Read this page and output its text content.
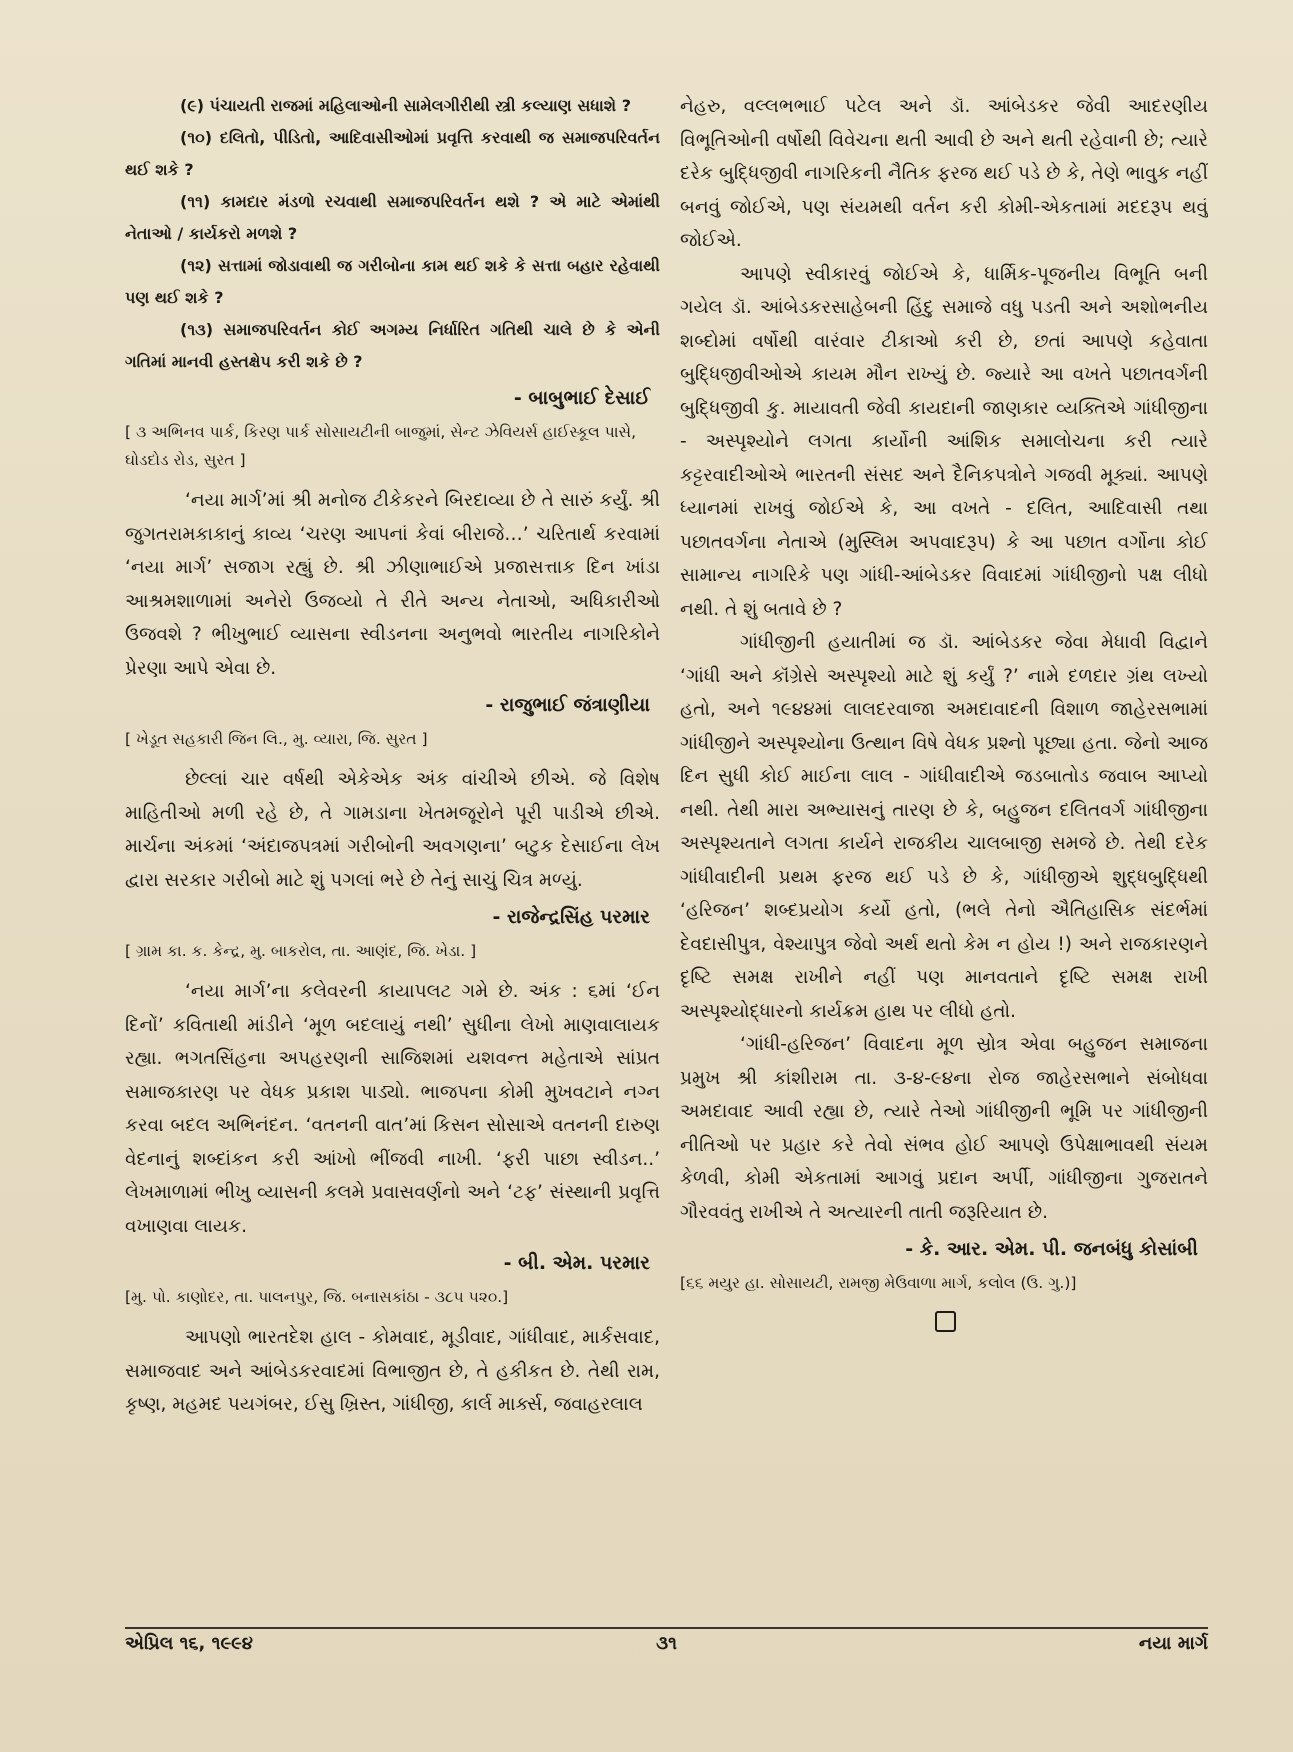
(૯) પંચાયતી રાજમાં મહિલાઓની સામેલગીરીથી સ્ત્રી કલ્યાણ સધાશે ?

(૧૦) દલિતો, પીડિતો, આદિવાસીઓમાં પ્રવૃત્તિ કરવાથી જ સમાજપરિવર્તન થઈ શકે ?

(૧૧) કામદાર મંડળો રચવાથી સમાજપરિવર્તન થશે ? એ માટે એમાંથી નેતાઓ / કાર્યકરો મળશે ?

(૧૨) સત્તામાં જોડાવાથી જ ગરીબોના કામ થઈ શકે કે સત્તા બહાર રહેવાથી પણ થઈ શકે ?

(૧૩) સમાજપરિવર્તન કોઈ અગમ્ય નિર્ધારિત ગતિથી ચાલે છે કે એની ગતિમાં માનવી હસ્તક્ષેપ કરી શકે છે ?

- બાબુભાઈ દેસાઈ
[ ૩ અભિનવ પાર્ક, કિરણ પાર્ક સોસાયટીની બાજુમાં, સેન્ટ ઝેવિયર્સ હાઈસ્કૂલ પાસે, ઘોડદોડ રોડ, સુરત ]

‘નયા માર્ગ’માં શ્રી મનોજ ટીકેકરને બિરદાવ્યા છે તે સારું કર્યું. શ્રી જુગતરામકાકાનું કાવ્ય ‘ચરણ આપનાં કેવાં બીરાજે…’ ચરિતાર્થ કરવામાં ‘નયા માર્ગ’ સજાગ રહ્યું છે. શ્રી ઝીણાભાઈએ પ્રજાસત્તાક દિન ખાંડા આશ્રમશાળામાં અનેરો ઉજવ્યો તે રીતે અન્ય નેતાઓ, અધિકારીઓ ઉજવશે ? ભીખુભાઈ વ્યાસના સ્વીડનના અનુભવો ભારતીય નાગરિકોને પ્રેરણા આપે એવા છે.

- રાજુભાઈ જંત્રાણીયા
[ ખેડૂત સહકારી જિન લિ., મુ. વ્યારા, જિ. સુરત ]

છેલ્લાં ચાર વર્ષથી એકેએક અંક વાંચીએ છીએ. જે વિશેષ માહિતીઓ મળી રહે છે, તે ગામડાના ખેતમજૂરોને પૂરી પાડીએ છીએ. માર્ચના અંકમાં ‘અંદાજપત્રમાં ગરીબોની અવગણના’ બટુક દેસાઈના લેખ દ્વારા સરકાર ગરીબો માટે શું પગલાં ભરે છે તેનું સાચું ચિત્ર મળ્યું.

- રાજેન્દ્રસિંહ પરમાર
[ ગ્રામ કા. ક. કેન્દ્ર, મુ. બાકરોલ, તા. આણંદ, જિ. ખેડા. ]

‘નયા માર્ગ’ના કલેવરની કાયાપલટ ગમે છે. અંક : ૬માં ‘ઈન દિનોં’ કવિતાથી માંડીને ‘મૂળ બદલાયું નથી’ સુધીના લેખો માણવાલાયક રહ્યા. ભગતસિંહના અપહરણની સાજિશમાં યશવન્ત મહેતાએ સાંપ્રત સમાજકારણ પર વેધક પ્રકાશ પાડ્યો. ભાજપના કોમી મુખવટાને નગ્ન કરવા બદલ અભિનંદન. ‘વતનની વાત’માં કિસન સોસાએ વતનની દારુણ વેદનાનું શબ્દાંકન કરી આંખો ભીંજવી નાખી. ‘ફરી પાછા સ્વીડન..’ લેખમાળામાં ભીખુ વ્યાસની કલમે પ્રવાસવર્ણનો અને ‘ટફ’ સંસ્થાની પ્રવૃત્તિ વખાણવા લાયક.

- બી. એમ. પરમાર
[મુ. પો. કાણોદર, તા. પાલનપુર, જિ. બનાસકાંઠા - ૩૮૫ ૫૨૦.]

આપણો ભારતદેશ હાલ - કોમવાદ, મૂડીવાદ, ગાંધીવાદ, માર્કસવાદ, સમાજવાદ અને આંબેડકરવાદમાં વિભાજીત છે, તે હકીકત છે. તેથી રામ, કૃષ્ણ, મહમદ પયગંબર, ઈસુ ખ્રિસ્ત, ગાંધીજી, કાર્લ માર્ક્સ, જવાહરલાલ

નેહરુ, વલ્લભભાઈ પટેલ અને ડૉ. આંબેડકર જેવી આદરણીય વિભૂતિઓની વર્ષોથી વિવેચના થતી આવી છે અને થતી રહેવાની છે; ત્યારે દરેક બુદ્ધિજીવી નાગરિકની નૈતિક ફરજ થઈ પડે છે કે, તેણે ભાવુક નહીં બનવું જોઈએ, પણ સંયમથી વર્તન કરી કોમી-એકતામાં મદદરૂપ થવું જોઈએ.

આપણે સ્વીકારવું જોઈએ કે, ધાર્મિક-પૂજનીય વિભૂતિ બની ગયેલ ડૉ. આંબેડકરસાહેબની હિંદુ સમાજે વધુ પડતી અને અશોભનીય શબ્દોમાં વર્ષોથી વારંવાર ટીકાઓ કરી છે, છતાં આપણે કહેવાતા બુદ્ધિજીવીઓએ કાયમ મૌન રાખ્યું છે. જ્યારે આ વખતે પછાતવર્ગની બુદ્ધિજીવી કુ. માયાવતી જેવી કાયદાની જાણકાર વ્યક્તિએ ગાંધીજીના - અસ્પૃશ્યોને લગતા કાર્યોની આંશિક સમાલોચના કરી ત્યારે કટ્ટરવાદીઓએ ભારતની સંસદ અને દૈનિકપત્રોને ગજવી મૂક્યાં. આપણે ધ્યાનમાં રાખવું જોઈએ કે, આ વખતે - દલિત, આદિવાસી તથા પછાતવર્ગના નેતાએ (મુસ્લિમ અપવાદરૂપ) કે આ પછાત વર્ગોના કોઈ સામાન્ય નાગરિકે પણ ગાંધી-આંબેડકર વિવાદમાં ગાંધીજીનો પક્ષ લીધો નથી. તે શું બતાવે છે ?

ગાંધીજીની હયાતીમાં જ ડૉ. આંબેડકર જેવા મેધાવી વિદ્વાને ‘ગાંધી અને કૉંગ્રેસે અસ્પૃશ્યો માટે શું કર્યું ?’ નામે દળદાર ગ્રંથ લખ્યો હતો, અને ૧૯૪૪માં લાલદરવાજા અમદાવાદની વિશાળ જાહેરસભામાં ગાંધીજીને અસ્પૃશ્યોના ઉત્થાન વિષે વેધક પ્રશ્નો પૂછ્યા હતા. જેનો આજ દિન સુધી કોઈ માઈના લાલ - ગાંધીવાદીએ જડબાતોડ જવાબ આપ્યો નથી. તેથી મારા અભ્યાસનું તારણ છે કે, બહુજન દલિતવર્ગ ગાંધીજીના અસ્પૃશ્યતાને લગતા કાર્યને રાજકીય ચાલબાજી સમજે છે. તેથી દરેક ગાંધીવાદીની પ્રથમ ફરજ થઈ પડે છે કે, ગાંધીજીએ શુદ્ધબુદ્ધિથી ‘હરિજન’ શબ્દપ્રયોગ કર્યો હતો, (ભલે તેનો ઐતિહાસિક સંદર્ભમાં દેવદાસીપુત્ર, વેશ્યાપુત્ર જેવો અર્થ થતો કેમ ન હોય !) અને રાજકારણને દૃષ્ટિ સમક્ષ રાખીને નહીં પણ માનવતાને દૃષ્ટિ સમક્ષ રાખી અસ્પૃશ્યોદ્ધારનો કાર્યક્રમ હાથ પર લીધો હતો.

‘ગાંધી-હરિજન’ વિવાદના મૂળ સ્રોત્ર એવા બહુજન સમાજના પ્રમુખ શ્રી કાંશીરામ તા. ૩-૪-૯૪ના રોજ જાહેરસભાને સંબોધવા અમદાવાદ આવી રહ્યા છે, ત્યારે તેઓ ગાંધીજીની ભૂમિ પર ગાંધીજીની નીતિઓ પર પ્રહાર કરે તેવો સંભવ હોઈ આપણે ઉપેક્ષાભાવથી સંયમ કેળવી, કોમી એકતામાં આગવું પ્રદાન અર્પી, ગાંધીજીના ગુજરાતને ગૌરવવંતુ રાખીએ તે અત્યારની તાતી જરૂરિયાત છે.

- કે. આર. એમ. પી. જનબંધુ કોસાંબી
[૬૬ મયુર હા. સોસાયટી, રામજી મેઉવાળા માર્ગ, કલોલ (ઉ. ગુ.)]
એપ્રિલ ૧૬, ૧૯૯૪	૩૧	નયા માર્ગ
